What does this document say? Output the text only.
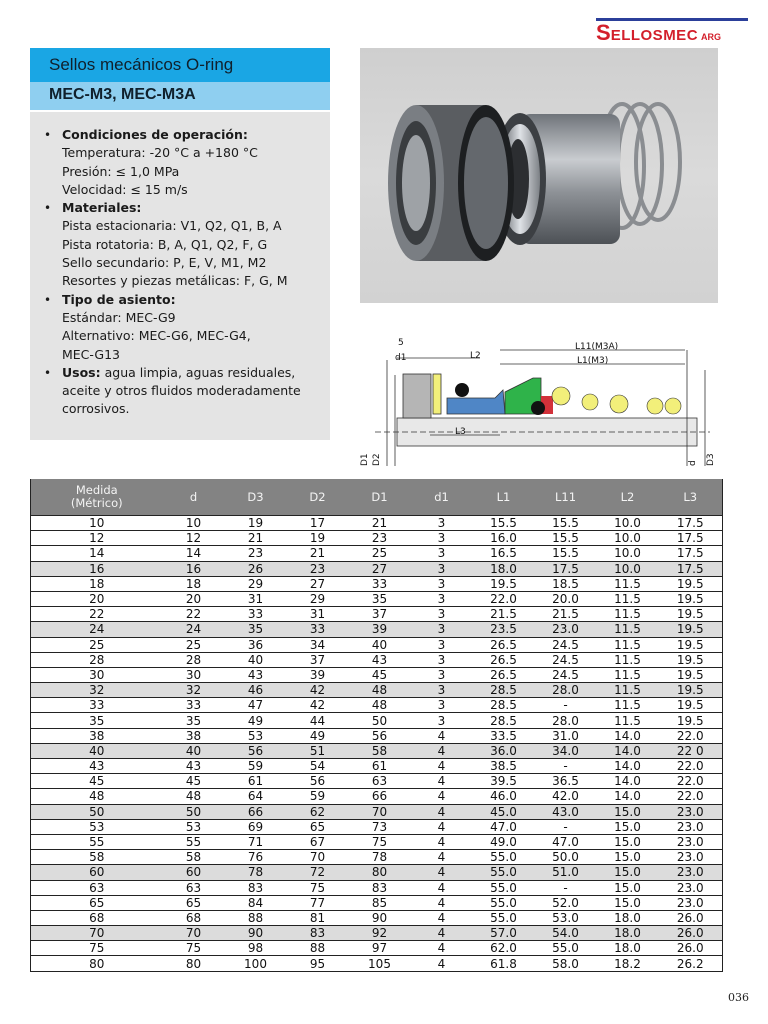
SELLOSMEC ARG
Sellos mecánicos O-ring
MEC-M3, MEC-M3A
• Condiciones de operación:
Temperatura: -20 °C a +180 °C
Presión: ≤ 1,0 MPa
Velocidad: ≤ 15 m/s
• Materiales:
Pista estacionaria: V1, Q2, Q1, B, A
Pista rotatoria: B, A, Q1, Q2, F, G
Sello secundario: P, E, V, M1, M2
Resortes y piezas metálicas: F, G, M
• Tipo de asiento:
Estándar: MEC-G9
Alternativo: MEC-G6, MEC-G4,
MEC-G13
• Usos: agua limpia, aguas residuales,
aceite y otros fluidos moderadamente
corrosivos.
5
d1	L2
L11(M3A)
L1(M3)
L3
D1 D2	d D3
Medida
(Métrico)	d	D3	D2	D1	d1	L1	L11	L2	L3
10	10	19	17	21	3	15.5	15.5	10.0	17.5
12	12	21	19	23	3	16.0	15.5	10.0	17.5
14	14	23	21	25	3	16.5	15.5	10.0	17.5
16	16	26	23	27	3	18.0	17.5	10.0	17.5
18	18	29	27	33	3	19.5	18.5	11.5	19.5
20	20	31	29	35	3	22.0	20.0	11.5	19.5
22	22	33	31	37	3	21.5	21.5	11.5	19.5
24	24	35	33	39	3	23.5	23.0	11.5	19.5
25	25	36	34	40	3	26.5	24.5	11.5	19.5
28	28	40	37	43	3	26.5	24.5	11.5	19.5
30	30	43	39	45	3	26.5	24.5	11.5	19.5
32	32	46	42	48	3	28.5	28.0	11.5	19.5
33	33	47	42	48	3	28.5	-	11.5	19.5
35	35	49	44	50	3	28.5	28.0	11.5	19.5
38	38	53	49	56	4	33.5	31.0	14.0	22.0
40	40	56	51	58	4	36.0	34.0	14.0	22 0
43	43	59	54	61	4	38.5	-	14.0	22.0
45	45	61	56	63	4	39.5	36.5	14.0	22.0
48	48	64	59	66	4	46.0	42.0	14.0	22.0
50	50	66	62	70	4	45.0	43.0	15.0	23.0
53	53	69	65	73	4	47.0	-	15.0	23.0
55	55	71	67	75	4	49.0	47.0	15.0	23.0
58	58	76	70	78	4	55.0	50.0	15.0	23.0
60	60	78	72	80	4	55.0	51.0	15.0	23.0
63	63	83	75	83	4	55.0	-	15.0	23.0
65	65	84	77	85	4	55.0	52.0	15.0	23.0
68	68	88	81	90	4	55.0	53.0	18.0	26.0
70	70	90	83	92	4	57.0	54.0	18.0	26.0
75	75	98	88	97	4	62.0	55.0	18.0	26.0
80	80	100	95	105	4	61.8	58.0	18.2	26.2
036
